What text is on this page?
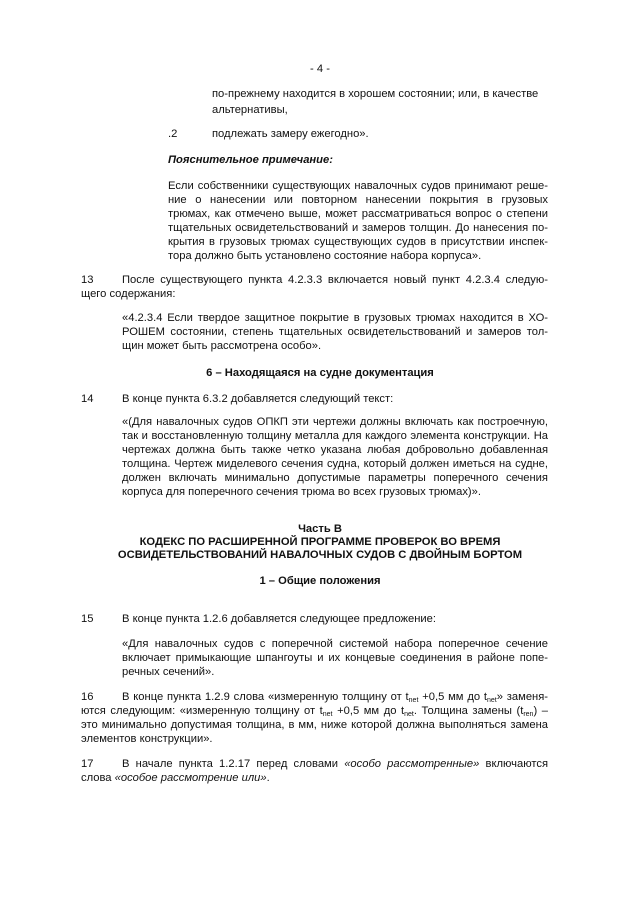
- 4 -
по-прежнему находится в хорошем состоянии; или, в качестве
альтернативы,
.2	подлежать замеру ежегодно».
Пояснительное примечание:
Если собственники существующих навалочных судов принимают реше-
ние о нанесении или повторном нанесении покрытия в грузовых
трюмах, как отмечено выше, может рассматриваться вопрос о степени
тщательных освидетельствований и замеров толщин. До нанесения по-
крытия в грузовых трюмах существующих судов в присутствии инспек-
тора должно быть установлено состояние набора корпуса».
13	После существующего пункта 4.2.3.3 включается новый пункт 4.2.3.4 следую-
щего содержания:
«4.2.3.4 Если твердое защитное покрытие в грузовых трюмах находится в ХО-
РОШЕМ состоянии, степень тщательных освидетельствований и замеров тол-
щин может быть рассмотрена особо».
6 – Находящаяся на судне документация
14	В конце пункта 6.3.2 добавляется следующий текст:
«(Для навалочных судов ОПКП эти чертежи должны включать как построечную,
так и восстановленную толщину металла для каждого элемента конструкции. На
чертежах должна быть также четко указана любая добровольно добавленная
толщина. Чертеж миделевого сечения судна, который должен иметься на судне,
должен включать минимально допустимые параметры поперечного сечения
корпуса для поперечного сечения трюма во всех грузовых трюмах)».
Часть B
КОДЕКС ПО РАСШИРЕННОЙ ПРОГРАММЕ ПРОВЕРОК ВО ВРЕМЯ
ОСВИДЕТЕЛЬСТВОВАНИЙ НАВАЛОЧНЫХ СУДОВ С ДВОЙНЫМ БОРТОМ
1 – Общие положения
15	В конце пункта 1.2.6 добавляется следующее предложение:
«Для навалочных судов с поперечной системой набора поперечное сечение
включает примыкающие шпангоуты и их концевые соединения в районе попе-
речных сечений».
16	В конце пункта 1.2.9 слова «измеренную толщину от $t_{net} +0,5$ мм до $t_{net}$» заменя-
ются следующим: «измеренную толщину от $t_{net} +0,5$ мм до $t_{net}$. Толщина замены $(t_{ren})$ –
это минимально допустимая толщина, в мм, ниже которой должна выполняться замена
элементов конструкции».
17	В начале пункта 1.2.17 перед словами «особо рассмотренные» включаются
слова «особое рассмотрение или».
